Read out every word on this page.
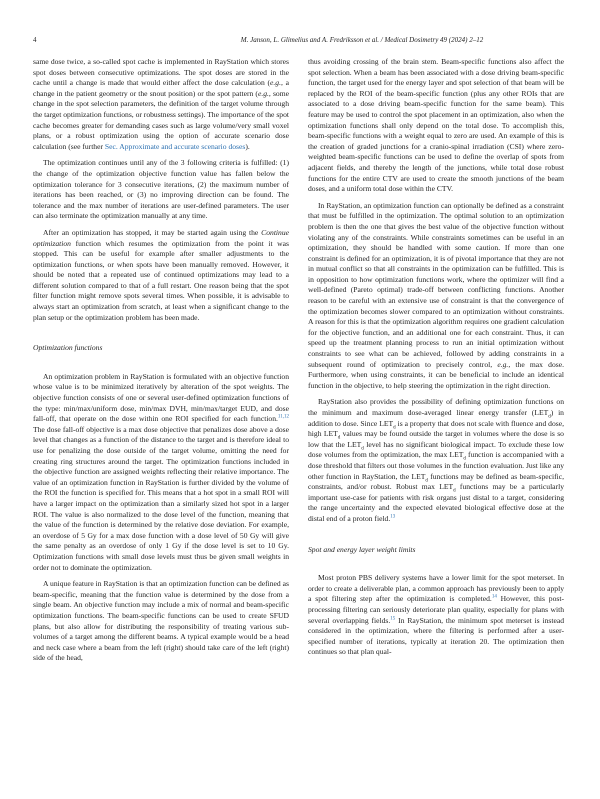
4	M. Janson, L. Glimelius and A. Fredriksson et al. / Medical Dosimetry 49 (2024) 2–12

same dose twice, a so-called spot cache is implemented in RayStation which stores spot doses between consecutive optimizations. The spot doses are stored in the cache until a change is made that would either affect the dose calculation (e.g., a change in the patient geometry or the snout position) or the spot pattern (e.g., some change in the spot selection parameters, the definition of the target volume through the target optimization functions, or robustness settings). The importance of the spot cache becomes greater for demanding cases such as large volume/very small voxel plans, or a robust optimization using the option of accurate scenario dose calculation (see further Sec. Approximate and accurate scenario doses).

The optimization continues until any of the 3 following criteria is fulfilled: (1) the change of the optimization objective function value has fallen below the optimization tolerance for 3 consecutive iterations, (2) the maximum number of iterations has been reached, or (3) no improving direction can be found. The tolerance and the max number of iterations are user-defined parameters. The user can also terminate the optimization manually at any time.

After an optimization has stopped, it may be started again using the Continue optimization function which resumes the optimization from the point it was stopped. This can be useful for example after smaller adjustments to the optimization functions, or when spots have been manually removed. However, it should be noted that a repeated use of continued optimizations may lead to a different solution compared to that of a full restart. One reason being that the spot filter function might remove spots several times. When possible, it is advisable to always start an optimization from scratch, at least when a significant change to the plan setup or the optimization problem has been made.

Optimization functions

An optimization problem in RayStation is formulated with an objective function whose value is to be minimized iteratively by alteration of the spot weights. The objective function consists of one or several user-defined optimization functions of the type: min/max/uniform dose, min/max DVH, min/max/target EUD, and dose fall-off, that operate on the dose within one ROI specified for each function.$^{11,12}$ The dose fall-off objective is a max dose objective that penalizes dose above a dose level that changes as a function of the distance to the target and is therefore ideal to use for penalizing the dose outside of the target volume, omitting the need for creating ring structures around the target. The optimization functions included in the objective function are assigned weights reflecting their relative importance. The value of an optimization function in RayStation is further divided by the volume of the ROI the function is specified for. This means that a hot spot in a small ROI will have a larger impact on the optimization than a similarly sized hot spot in a larger ROI. The value is also normalized to the dose level of the function, meaning that the value of the function is determined by the relative dose deviation. For example, an overdose of 5 Gy for a max dose function with a dose level of 50 Gy will give the same penalty as an overdose of only 1 Gy if the dose level is set to 10 Gy. Optimization functions with small dose levels must thus be given small weights in order not to dominate the optimization.

A unique feature in RayStation is that an optimization function can be defined as beam-specific, meaning that the function value is determined by the dose from a single beam. An objective function may include a mix of normal and beam-specific optimization functions. The beam-specific functions can be used to create SFUD plans, but also allow for distributing the responsibility of treating various sub-volumes of a target among the different beams. A typical example would be a head and neck case where a beam from the left (right) should take care of the left (right) side of the head,

thus avoiding crossing of the brain stem. Beam-specific functions also affect the spot selection. When a beam has been associated with a dose driving beam-specific function, the target used for the energy layer and spot selection of that beam will be replaced by the ROI of the beam-specific function (plus any other ROIs that are associated to a dose driving beam-specific function for the same beam). This feature may be used to control the spot placement in an optimization, also when the optimization functions shall only depend on the total dose. To accomplish this, beam-specific functions with a weight equal to zero are used. An example of this is the creation of graded junctions for a cranio-spinal irradiation (CSI) where zero-weighted beam-specific functions can be used to define the overlap of spots from adjacent fields, and thereby the length of the junctions, while total dose robust functions for the entire CTV are used to create the smooth junctions of the beam doses, and a uniform total dose within the CTV.

In RayStation, an optimization function can optionally be defined as a constraint that must be fulfilled in the optimization. The optimal solution to an optimization problem is then the one that gives the best value of the objective function without violating any of the constraints. While constraints sometimes can be useful in an optimization, they should be handled with some caution. If more than one constraint is defined for an optimization, it is of pivotal importance that they are not in mutual conflict so that all constraints in the optimization can be fulfilled. This is in opposition to how optimization functions work, where the optimizer will find a well-defined (Pareto optimal) trade-off between conflicting functions. Another reason to be careful with an extensive use of constraint is that the convergence of the optimization becomes slower compared to an optimization without constraints. A reason for this is that the optimization algorithm requires one gradient calculation for the objective function, and an additional one for each constraint. Thus, it can speed up the treatment planning process to run an initial optimization without constraints to see what can be achieved, followed by adding constraints in a subsequent round of optimization to precisely control, e.g., the max dose. Furthermore, when using constraints, it can be beneficial to include an identical function in the objective, to help steering the optimization in the right direction.

RayStation also provides the possibility of defining optimization functions on the minimum and maximum dose-averaged linear energy transfer $(LET_d)$ in addition to dose. Since $LET_d$ is a property that does not scale with fluence and dose, high $LET_d$ values may be found outside the target in volumes where the dose is so low that the $LET_d$ level has no significant biological impact. To exclude these low dose volumes from the optimization, the $\max LET_d$ function is accompanied with a dose threshold that filters out those volumes in the function evaluation. Just like any other function in RayStation, the $LET_d$ functions may be defined as beam-specific, constraints, and/or robust. Robust $\max LET_d$ functions may be a particularly important use-case for patients with risk organs just distal to a target, considering the range uncertainty and the expected elevated biological effective dose at the distal end of a proton field.$^{13}$

Spot and energy layer weight limits

Most proton PBS delivery systems have a lower limit for the spot meterset. In order to create a deliverable plan, a common approach has previously been to apply a spot filtering step after the optimization is completed.$^{14}$ However, this post-processing filtering can seriously deteriorate plan quality, especially for plans with several overlapping fields.$^{15}$ In RayStation, the minimum spot meterset is instead considered in the optimization, where the filtering is performed after a user-specified number of iterations, typically at iteration 20. The optimization then continues so that plan qual-
